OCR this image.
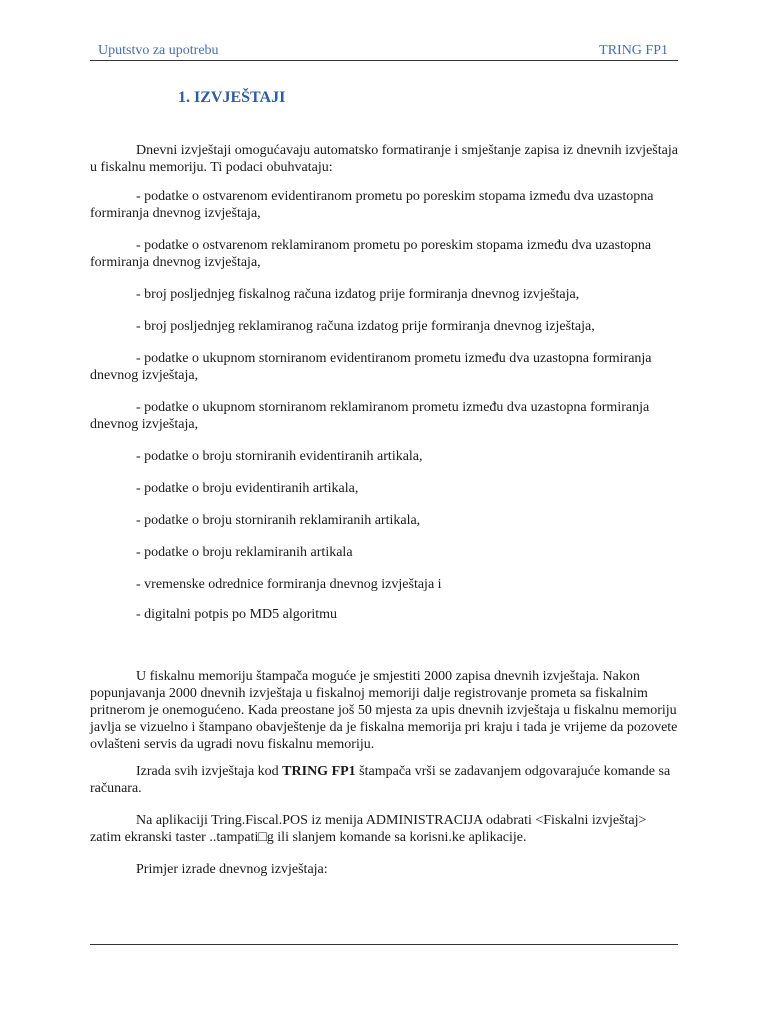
Uputstvo za upotrebu	TRING FP1
1. IZVJEŠTAJI

Dnevni izvještaji omogućavaju automatsko formatiranje i smještanje zapisa iz dnevnih izvještaja u fiskalnu memoriju. Ti podaci obuhvataju:

- podatke o ostvarenom evidentiranom prometu po poreskim stopama između dva uzastopna formiranja dnevnog izvještaja,

- podatke o ostvarenom reklamiranom prometu po poreskim stopama između dva uzastopna formiranja dnevnog izvještaja,

- broj posljednjeg fiskalnog računa izdatog prije formiranja dnevnog izvještaja,

- broj posljednjeg reklamiranog računa izdatog prije formiranja dnevnog izještaja,

- podatke o ukupnom storniranom evidentiranom prometu između dva uzastopna formiranja dnevnog izvještaja,

- podatke o ukupnom storniranom reklamiranom prometu između dva uzastopna formiranja dnevnog izvještaja,

- podatke o broju storniranih evidentiranih artikala,

- podatke o broju evidentiranih artikala,

- podatke o broju storniranih reklamiranih artikala,

- podatke o broju reklamiranih artikala

- vremenske odrednice formiranja dnevnog izvještaja i

- digitalni potpis po MD5 algoritmu

U fiskalnu memoriju štampača moguće je smjestiti 2000 zapisa dnevnih izvještaja. Nakon popunjavanja 2000 dnevnih izvještaja u fiskalnoj memoriji dalje registrovanje prometa sa fiskalnim pritnerom je onemogućeno. Kada preostane još 50 mjesta za upis dnevnih izvještaja u fiskalnu memoriju javlja se vizuelno i štampano obavještenje da je fiskalna memorija pri kraju i tada je vrijeme da pozovete ovlašteni servis da ugradi novu fiskalnu memoriju.

Izrada svih izvještaja kod TRING FP1 štampača vrši se zadavanjem odgovarajuće komande sa računara.

Na aplikaciji Tring.Fiscal.POS iz menija ADMINISTRACIJA odabrati <Fiskalni izvještaj> zatim ekranski taster ..tampati□g ili slanjem komande sa korisni.ke aplikacije.

Primjer izrade dnevnog izvještaja:
